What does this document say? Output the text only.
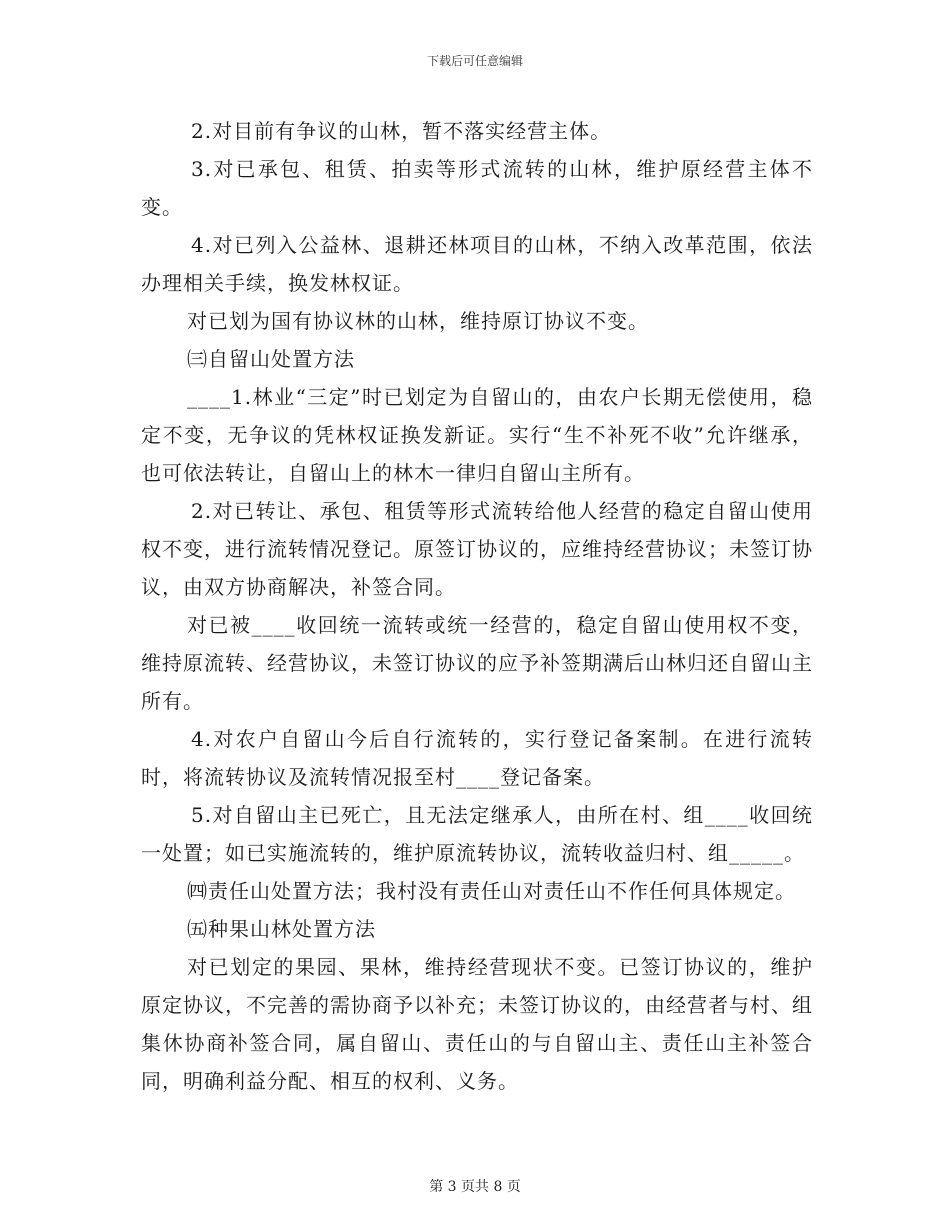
下载后可任意编辑

2.对目前有争议的山林，暂不落实经营主体。

3.对已承包、租赁、拍卖等形式流转的山林，维护原经营主体不变。

4.对已列入公益林、退耕还林项目的山林，不纳入改革范围，依法办理相关手续，换发林权证。

对已划为国有协议林的山林，维持原订协议不变。

㈢自留山处置方法

____1.林业“三定”时已划定为自留山的，由农户长期无偿使用，稳定不变，无争议的凭林权证换发新证。实行“生不补死不收”允许继承，也可依法转让，自留山上的林木一律归自留山主所有。

2.对已转让、承包、租赁等形式流转给他人经营的稳定自留山使用权不变，进行流转情况登记。原签订协议的，应维持经营协议；未签订协议，由双方协商解决，补签合同。

对已被____收回统一流转或统一经营的，稳定自留山使用权不变，维持原流转、经营协议，未签订协议的应予补签期满后山林归还自留山主所有。

4.对农户自留山今后自行流转的，实行登记备案制。在进行流转时，将流转协议及流转情况报至村____登记备案。

5.对自留山主已死亡，且无法定继承人，由所在村、组____收回统一处置；如已实施流转的，维护原流转协议，流转收益归村、组_____。

㈣责任山处置方法；我村没有责任山对责任山不作任何具体规定。

㈤种果山林处置方法

对已划定的果园、果林，维持经营现状不变。已签订协议的，维护原定协议，不完善的需协商予以补充；未签订协议的，由经营者与村、组集休协商补签合同，属自留山、责任山的与自留山主、责任山主补签合同，明确利益分配、相互的权利、义务。

第 3 页共 8 页
